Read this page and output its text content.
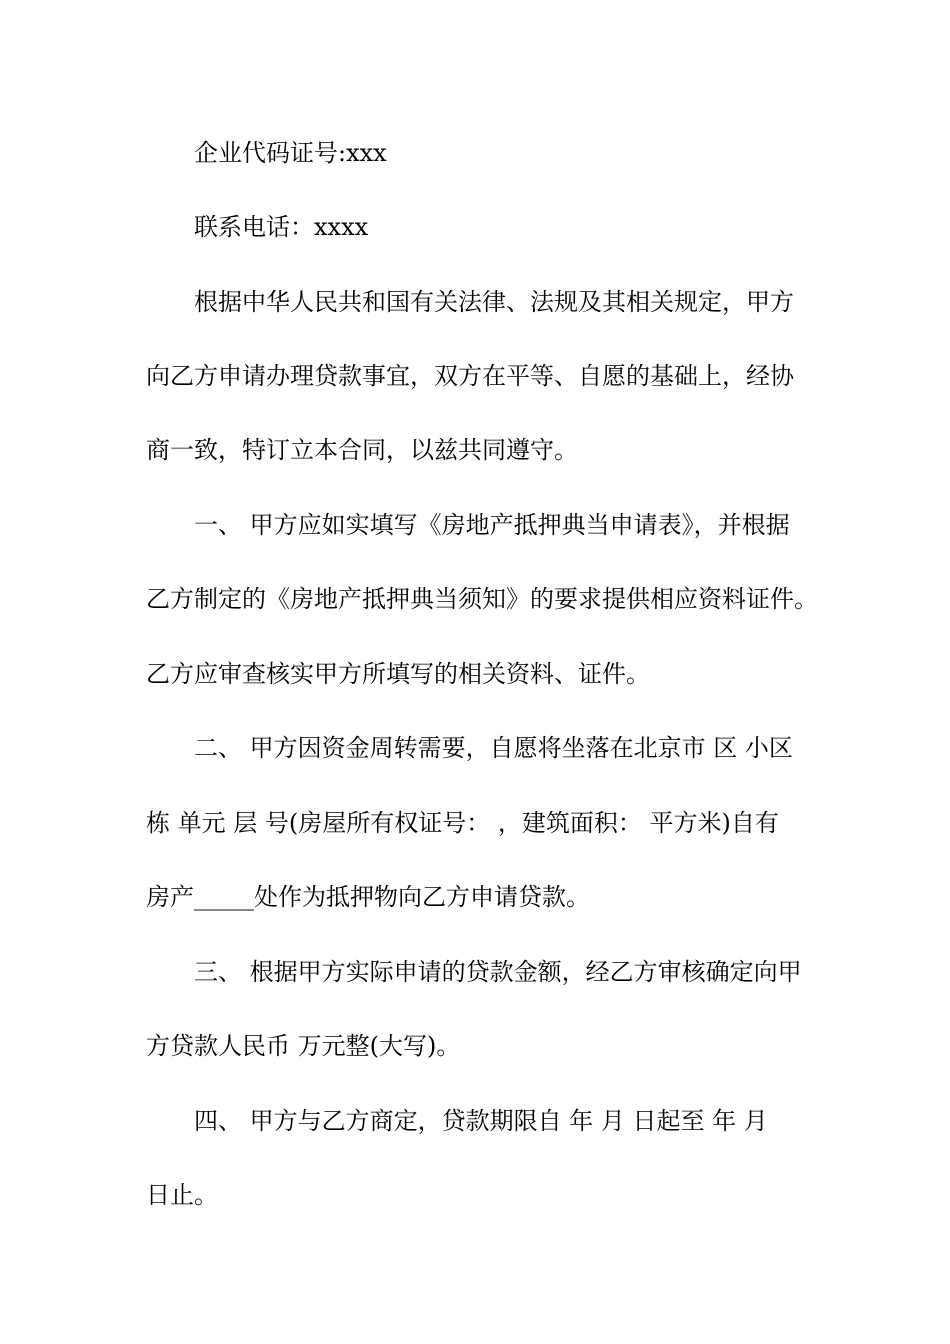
企业代码证号:xxx
联系电话：xxxx
根据中华人民共和国有关法律、法规及其相关规定，甲方
向乙方申请办理贷款事宜，双方在平等、自愿的基础上，经协
商一致，特订立本合同，以兹共同遵守。
一、 甲方应如实填写《房地产抵押典当申请表》，并根据
乙方制定的《房地产抵押典当须知》的要求提供相应资料证件。
乙方应审查核实甲方所填写的相关资料、证件。
二、 甲方因资金周转需要，自愿将坐落在北京市 区 小区
栋 单元 层 号(房屋所有权证号： ，建筑面积： 平方米)自有
房产_____处作为抵押物向乙方申请贷款。
三、 根据甲方实际申请的贷款金额，经乙方审核确定向甲
方贷款人民币 万元整(大写)。
四、 甲方与乙方商定，贷款期限自 年 月 日起至 年 月
日止。
